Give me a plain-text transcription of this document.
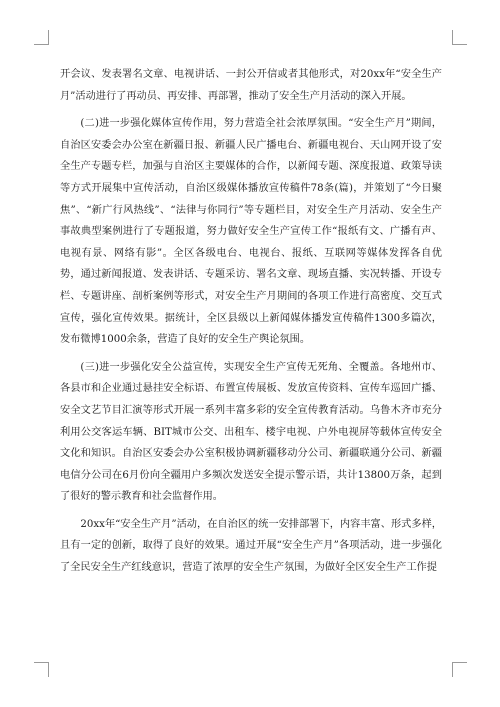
开会议、发表署名文章、电视讲话、一封公开信或者其他形式，对20xx年“安全生产月”活动进行了再动员、再安排、再部署，推动了安全生产月活动的深入开展。

(二)进一步强化媒体宣传作用，努力营造全社会浓厚氛围。“安全生产月”期间，自治区安委会办公室在新疆日报、新疆人民广播电台、新疆电视台、天山网开设了安全生产专题专栏，加强与自治区主要媒体的合作，以新闻专题、深度报道、政策导读等方式开展集中宣传活动，自治区级媒体播放宣传稿件78条(篇)，并策划了“今日聚焦”、“新广行风热线”、“法律与你同行”等专题栏目，对安全生产月活动、安全生产事故典型案例进行了专题报道，努力做好安全生产宣传工作“报纸有文、广播有声、电视有景、网络有影”。全区各级电台、电视台、报纸、互联网等媒体发挥各自优势，通过新闻报道、发表讲话、专题采访、署名文章、现场直播、实况转播、开设专栏、专题讲座、剖析案例等形式，对安全生产月期间的各项工作进行高密度、交互式宣传，强化宣传效果。据统计，全区县级以上新闻媒体播发宣传稿件1300多篇次，发布微博1000余条，营造了良好的安全生产舆论氛围。

(三)进一步强化安全公益宣传，实现安全生产宣传无死角、全覆盖。各地州市、各县市和企业通过悬挂安全标语、布置宣传展板、发放宣传资料、宣传车巡回广播、安全文艺节目汇演等形式开展一系列丰富多彩的安全宣传教育活动。乌鲁木齐市充分利用公交客运车辆、BIT城市公交、出租车、楼宇电视、户外电视屏等载体宣传安全文化和知识。自治区安委会办公室积极协调新疆移动分公司、新疆联通分公司、新疆电信分公司在6月份向全疆用户多频次发送安全提示警示语，共计13800万条，起到了很好的警示教育和社会监督作用。

20xx年“安全生产月”活动，在自治区的统一安排部署下，内容丰富、形式多样，且有一定的创新，取得了良好的效果。通过开展“安全生产月”各项活动，进一步强化了全民安全生产红线意识，营造了浓厚的安全生产氛围，为做好全区安全生产工作提
